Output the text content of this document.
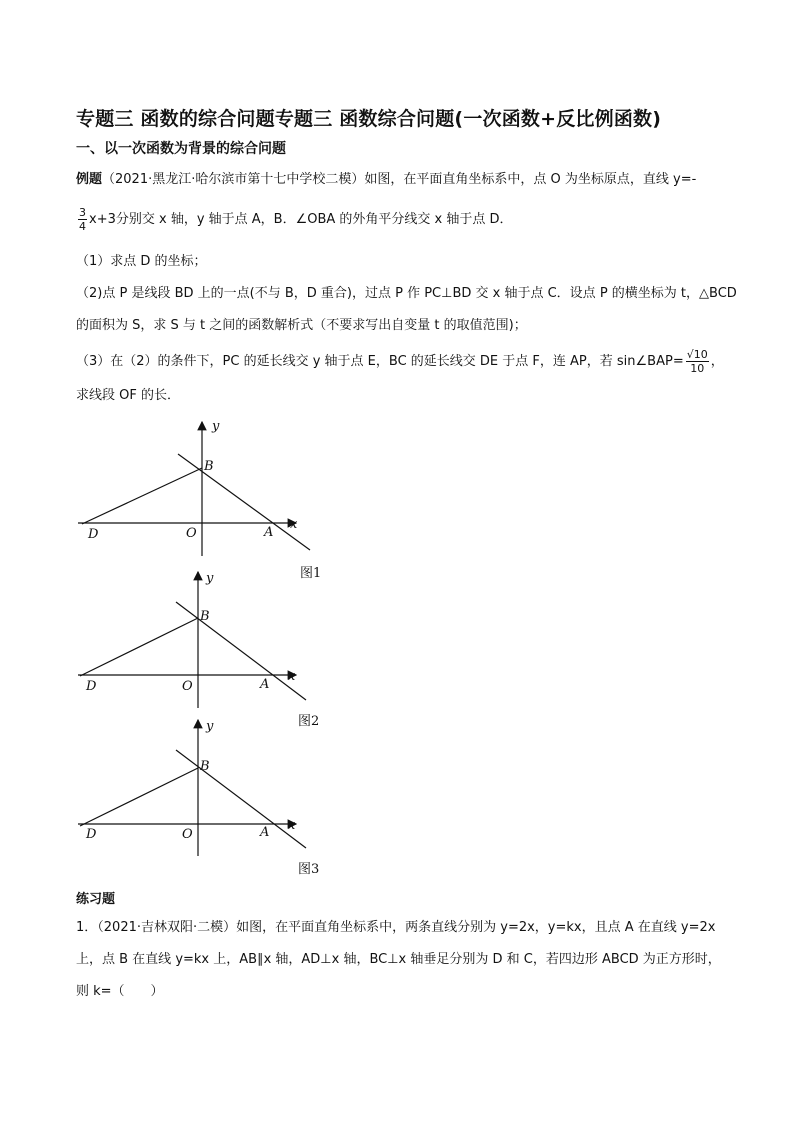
专题三 函数的综合问题专题三 函数综合问题(一次函数+反比例函数)
一、以一次函数为背景的综合问题
例题（2021·黑龙江·哈尔滨市第十七中学校二模）如图，在平面直角坐标系中，点 O 为坐标原点，直线 y=-
$\frac{3}{4} x+3$分别交 x 轴，y 轴于点 A，B．∠OBA 的外角平分线交 x 轴于点 D．
（1）求点 D 的坐标；
（2)点 P 是线段 BD 上的一点(不与 B，D 重合)，过点 P 作 PC⊥BD 交 x 轴于点 C．设点 P 的横坐标为 t，△BCD
的面积为 S，求 S 与 t 之间的函数解析式（不要求写出自变量 t 的取值范围)；
（3）在（2）的条件下，PC 的延长线交 y 轴于点 E，BC 的延长线交 DE 于点 F，连 AP，若 sin∠BAP= $\frac{√10}{10}$ ，
求线段 OF 的长．
y
x
B
O	A
D
图1
y
x
B
O	A
D
图2
y
x
B
O	A
D
图3
练习题
1．（2021·吉林双阳·二模）如图，在平面直角坐标系中，两条直线分别为 y=2x，y=kx，且点 A 在直线 y=2x
上，点 B 在直线 y=kx 上，AB∥x 轴，AD⊥x 轴，BC⊥x 轴垂足分别为 D 和 C，若四边形 ABCD 为正方形时，
则 k=（　　）
